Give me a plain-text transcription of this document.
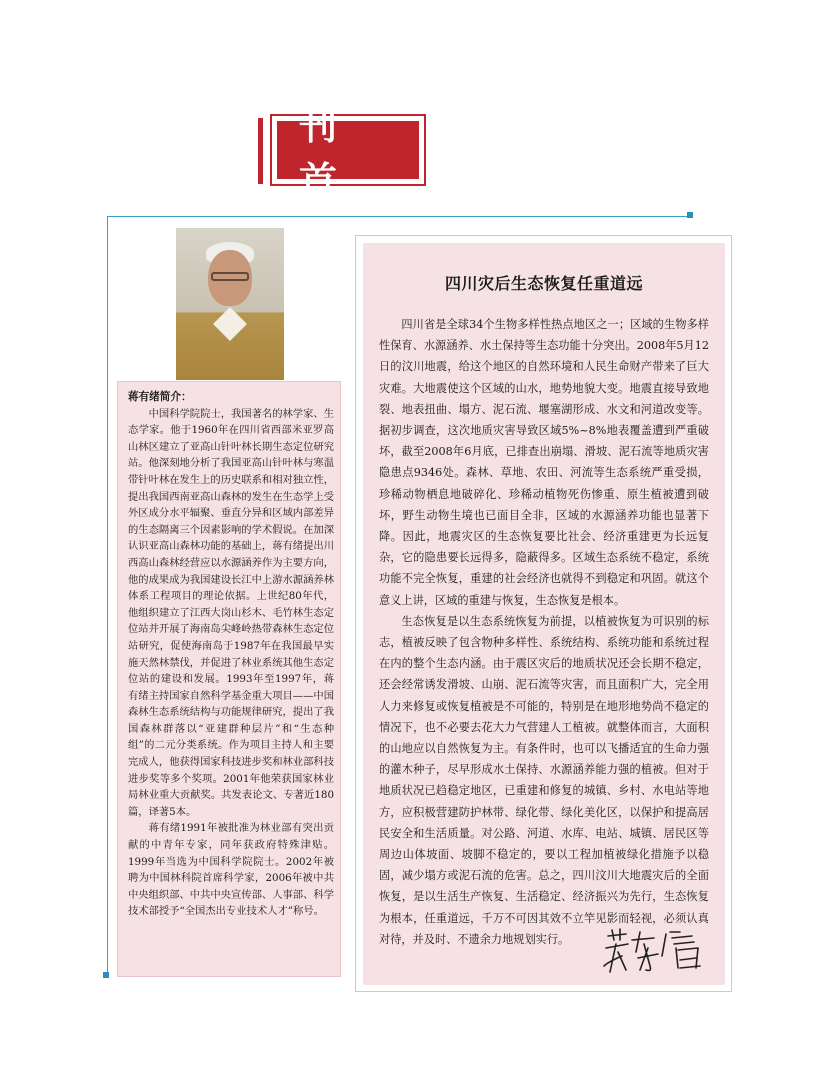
刊首
蒋有绪简介：

中国科学院院士，我国著名的林学家、生态学家。他于1960年在四川省西部米亚罗高山林区建立了亚高山针叶林长期生态定位研究站。他深刻地分析了我国亚高山针叶林与寒温带针叶林在发生上的历史联系和相对独立性，提出我国西南亚高山森林的发生在生态学上受外区成分水平辐聚、垂直分异和区域内部差异的生态隔离三个因素影响的学术假说。在加深认识亚高山森林功能的基础上，蒋有绪提出川西高山森林经营应以水源涵养作为主要方向，他的成果成为我国建设长江中上游水源涵养林体系工程项目的理论依据。上世纪80年代，他组织建立了江西大岗山杉木、毛竹林生态定位站并开展了海南岛尖峰岭热带森林生态定位站研究，促使海南岛于1987年在我国最早实施天然林禁伐，并促进了林业系统其他生态定位站的建设和发展。1993年至1997年，蒋有绪主持国家自然科学基金重大项目——中国森林生态系统结构与功能规律研究，提出了我国森林群落以“亚建群种层片”和“生态种组”的二元分类系统。作为项目主持人和主要完成人，他获得国家科技进步奖和林业部科技进步奖等多个奖项。2001年他荣获国家林业局林业重大贡献奖。共发表论文、专著近180篇，译著5本。

蒋有绪1991年被批准为林业部有突出贡献的中青年专家，同年获政府特殊津贴。1999年当选为中国科学院院士。2002年被聘为中国林科院首席科学家，2006年被中共中央组织部、中共中央宣传部、人事部、科学技术部授予“全国杰出专业技术人才”称号。

四川灾后生态恢复任重道远

四川省是全球34个生物多样性热点地区之一；区域的生物多样性保育、水源涵养、水土保持等生态功能十分突出。2008年5月12日的汶川地震，给这个地区的自然环境和人民生命财产带来了巨大灾难。大地震使这个区域的山水，地势地貌大变。地震直接导致地裂、地表扭曲、塌方、泥石流、堰塞湖形成、水文和河道改变等。据初步调查，这次地质灾害导致区域5%~8%地表覆盖遭到严重破坏，截至2008年6月底，已排查出崩塌、滑坡、泥石流等地质灾害隐患点9346处。森林、草地、农田、河流等生态系统严重受损，珍稀动物栖息地破碎化、珍稀动植物死伤惨重、原生植被遭到破坏，野生动物生境也已面目全非，区域的水源涵养功能也显著下降。因此，地震灾区的生态恢复要比社会、经济重建更为长远复杂，它的隐患要长远得多，隐蔽得多。区域生态系统不稳定，系统功能不完全恢复，重建的社会经济也就得不到稳定和巩固。就这个意义上讲，区域的重建与恢复，生态恢复是根本。

生态恢复是以生态系统恢复为前提，以植被恢复为可识别的标志，植被反映了包含物种多样性、系统结构、系统功能和系统过程在内的整个生态内涵。由于震区灾后的地质状况还会长期不稳定，还会经常诱发滑坡、山崩、泥石流等灾害，而且面积广大，完全用人力来修复或恢复植被是不可能的，特别是在地形地势尚不稳定的情况下，也不必要去花大力气营建人工植被。就整体而言，大面积的山地应以自然恢复为主。有条件时，也可以飞播适宜的生命力强的灌木种子，尽早形成水土保持、水源涵养能力强的植被。但对于地质状况已趋稳定地区，已重建和修复的城镇、乡村、水电站等地方，应积极营建防护林带、绿化带、绿化美化区，以保护和提高居民安全和生活质量。对公路、河道、水库、电站、城镇、居民区等周边山体坡面、坡脚不稳定的，要以工程加植被绿化措施予以稳固，减少塌方或泥石流的危害。总之，四川汶川大地震灾后的全面恢复，是以生活生产恢复、生活稳定、经济振兴为先行，生态恢复为根本，任重道远，千万不可因其效不立竿见影而轻视，必须认真对待，并及时、不遗余力地规划实行。
